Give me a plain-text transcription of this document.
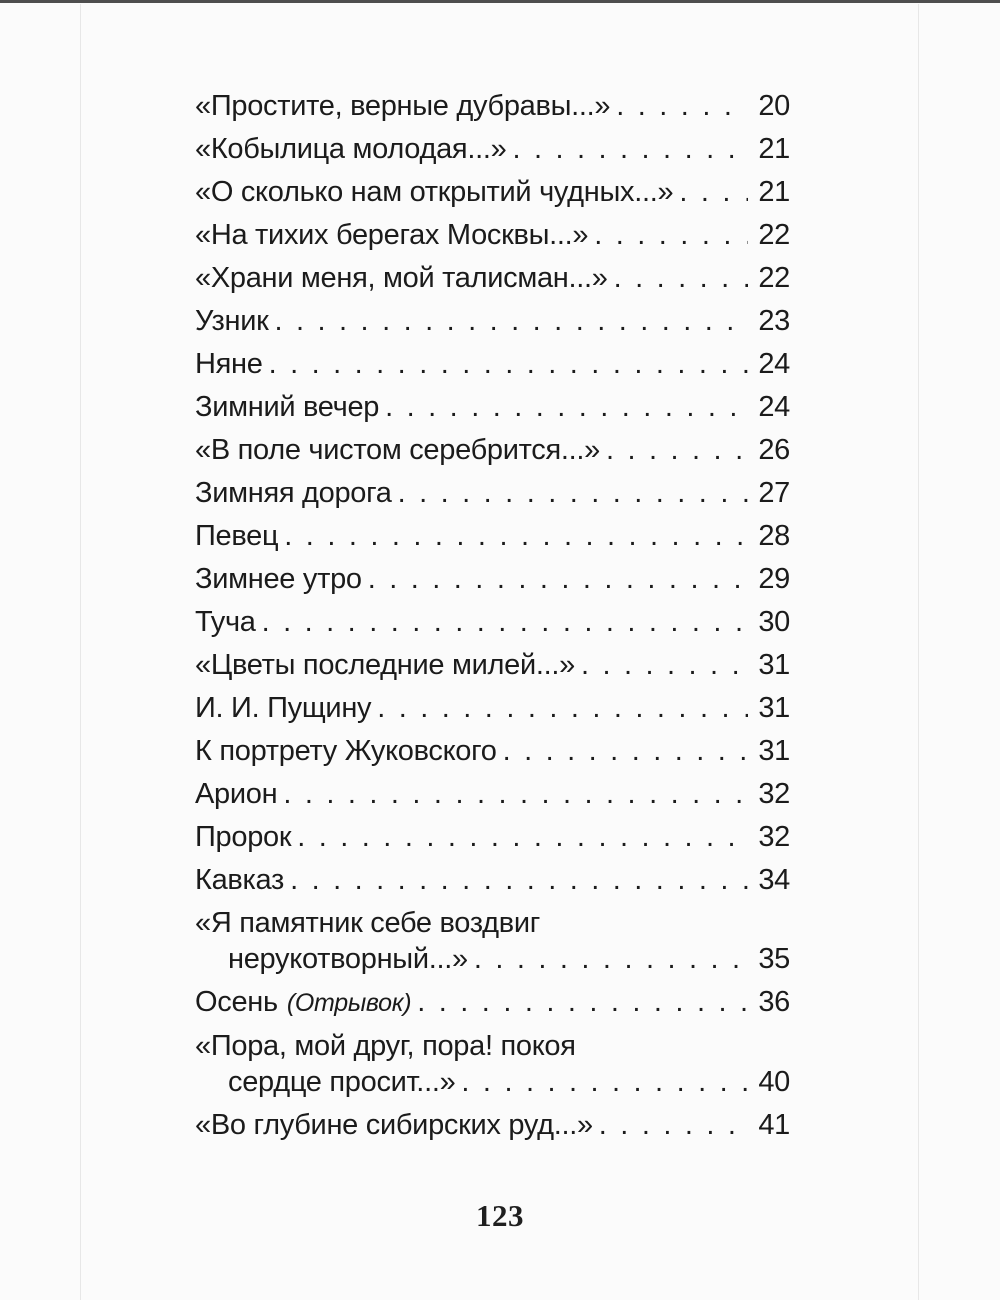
«Простите, верные дубравы...» . . .	20
«Кобылица молодая...» . . .	21
«О сколько нам открытий чудных...» . . .	21
«На тихих берегах Москвы...» . . .	22
«Храни меня, мой талисман...» . . .	22
Узник . . .	23
Няне . . .	24
Зимний вечер . . .	24
«В поле чистом серебрится...» . . .	26
Зимняя дорога . . .	27
Певец . . .	28
Зимнее утро . . .	29
Туча . . .	30
«Цветы последние милей...» . . .	31
И. И. Пущину . . .	31
К портрету Жуковского . . .	31
Арион . . .	32
Пророк . . .	32
Кавказ . . .	34
«Я памятник себе воздвиг
нерукотворный...» . . .	35
Осень (Отрывок) . . .	36
«Пора, мой друг, пора! покоя
сердце просит...» . . .	40
«Во глубине сибирских руд...» . . .	41
123
